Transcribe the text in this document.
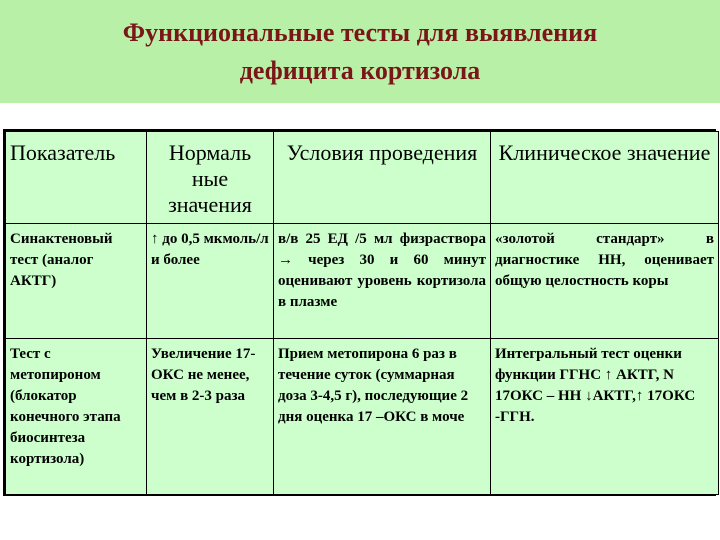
Функциональные тесты для выявления
дефицита кортизола
Показатель	Нормаль ные значения	Условия проведения	Клиническое значение
Синактеновый тест (аналог АКТГ)	↑ до 0,5 мкмоль/л и более	в/в 25 ЕД /5 мл физраствора → через 30 и 60 минут оценивают уровень кортизола в плазме	«золотой стандарт» в диагностике НН, оценивает общую целостность коры
Тест с метопироном (блокатор конечного этапа биосинтеза кортизола)	Увеличение 17-ОКС не менее, чем в 2-3 раза	Прием метопирона 6 раз в течение суток (суммарная доза 3-4,5 г), последующие 2 дня оценка 17 –ОКС в моче	Интегральный тест оценки функции ГГНС ↑ АКТГ, N 17ОКС – НН ↓АКТГ,↑ 17ОКС -ГГН.
